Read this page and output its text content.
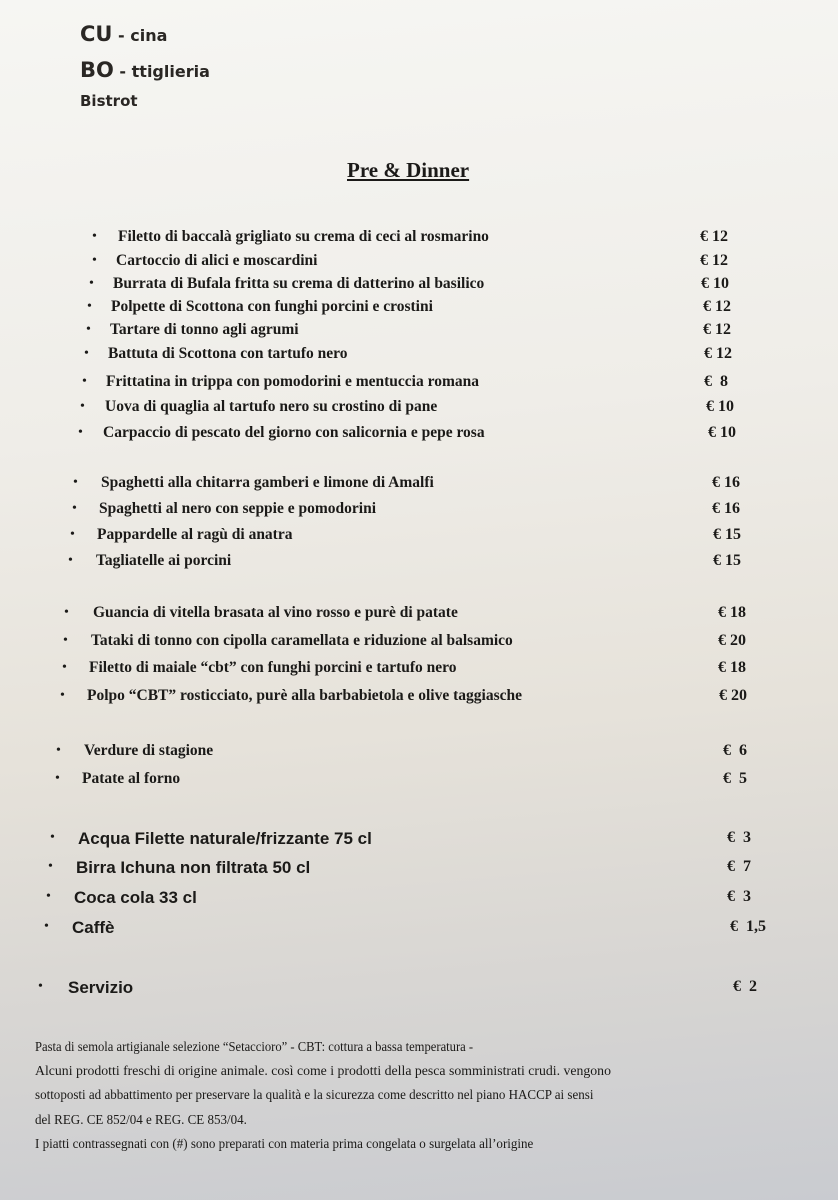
CU - cina
BO - ttiglieria
Bistrot
Pre & Dinner
• Filetto di baccalà grigliato su crema di ceci al rosmarino	€ 12
• Cartoccio di alici e moscardini	€ 12
• Burrata di Bufala fritta su crema di datterino al basilico	€ 10
• Polpette di Scottona con funghi porcini e crostini	€ 12
• Tartare di tonno agli agrumi	€ 12
• Battuta di Scottona con tartufo nero	€ 12
• Frittatina in trippa con pomodorini e mentuccia romana	€  8
• Uova di quaglia al tartufo nero su crostino di pane	€ 10
• Carpaccio di pescato del giorno con salicornia e pepe rosa	€ 10
• Spaghetti alla chitarra gamberi e limone di Amalfi	€ 16
• Spaghetti al nero con seppie e pomodorini	€ 16
• Pappardelle al ragù di anatra	€ 15
• Tagliatelle ai porcini	€ 15
• Guancia di vitella brasata al vino rosso e purè di patate	€ 18
• Tataki di tonno con cipolla caramellata e riduzione al balsamico	€ 20
• Filetto di maiale “cbt” con funghi porcini e tartufo nero	€ 18
• Polpo “CBT” rosticciato, purè alla barbabietola e olive taggiasche	€ 20
• Verdure di stagione	€  6
• Patate al forno	€  5
• Acqua Filette naturale/frizzante 75 cl	€  3
• Birra Ichuna non filtrata 50 cl	€  7
• Coca cola 33 cl	€  3
• Caffè	€  1,5
• Servizio	€  2
Pasta di semola artigianale selezione “Setaccioro” - CBT: cottura a bassa temperatura -
Alcuni prodotti freschi di origine animale. così come i prodotti della pesca somministrati crudi. vengono
sottoposti ad abbattimento per preservare la qualità e la sicurezza come descritto nel piano HACCP ai sensi
del REG. CE 852/04 e REG. CE 853/04.
I piatti contrassegnati con (#) sono preparati con materia prima congelata o surgelata all’origine
